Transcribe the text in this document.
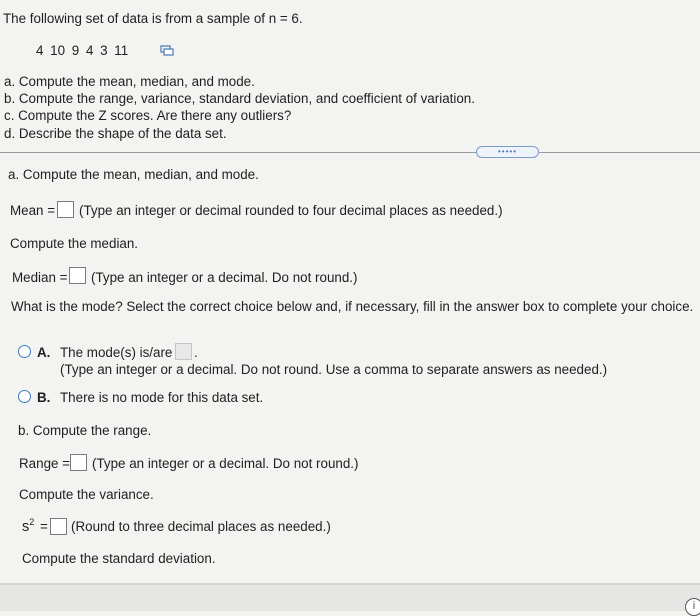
The following set of data is from a sample of n = 6.
4 10 9 4 3 11
a. Compute the mean, median, and mode.
b. Compute the range, variance, standard deviation, and coefficient of variation.
c. Compute the Z scores. Are there any outliers?
d. Describe the shape of the data set.
•••••
a. Compute the mean, median, and mode.
Mean = (Type an integer or decimal rounded to four decimal places as needed.)
Compute the median.
Median = (Type an integer or a decimal. Do not round.)
What is the mode? Select the correct choice below and, if necessary, fill in the answer box to complete your choice.
A. The mode(s) is/are .
(Type an integer or a decimal. Do not round. Use a comma to separate answers as needed.)
B. There is no mode for this data set.
b. Compute the range.
Range = (Type an integer or a decimal. Do not round.)
Compute the variance.
$s^2$ = (Round to three decimal places as needed.)
Compute the standard deviation.
i
